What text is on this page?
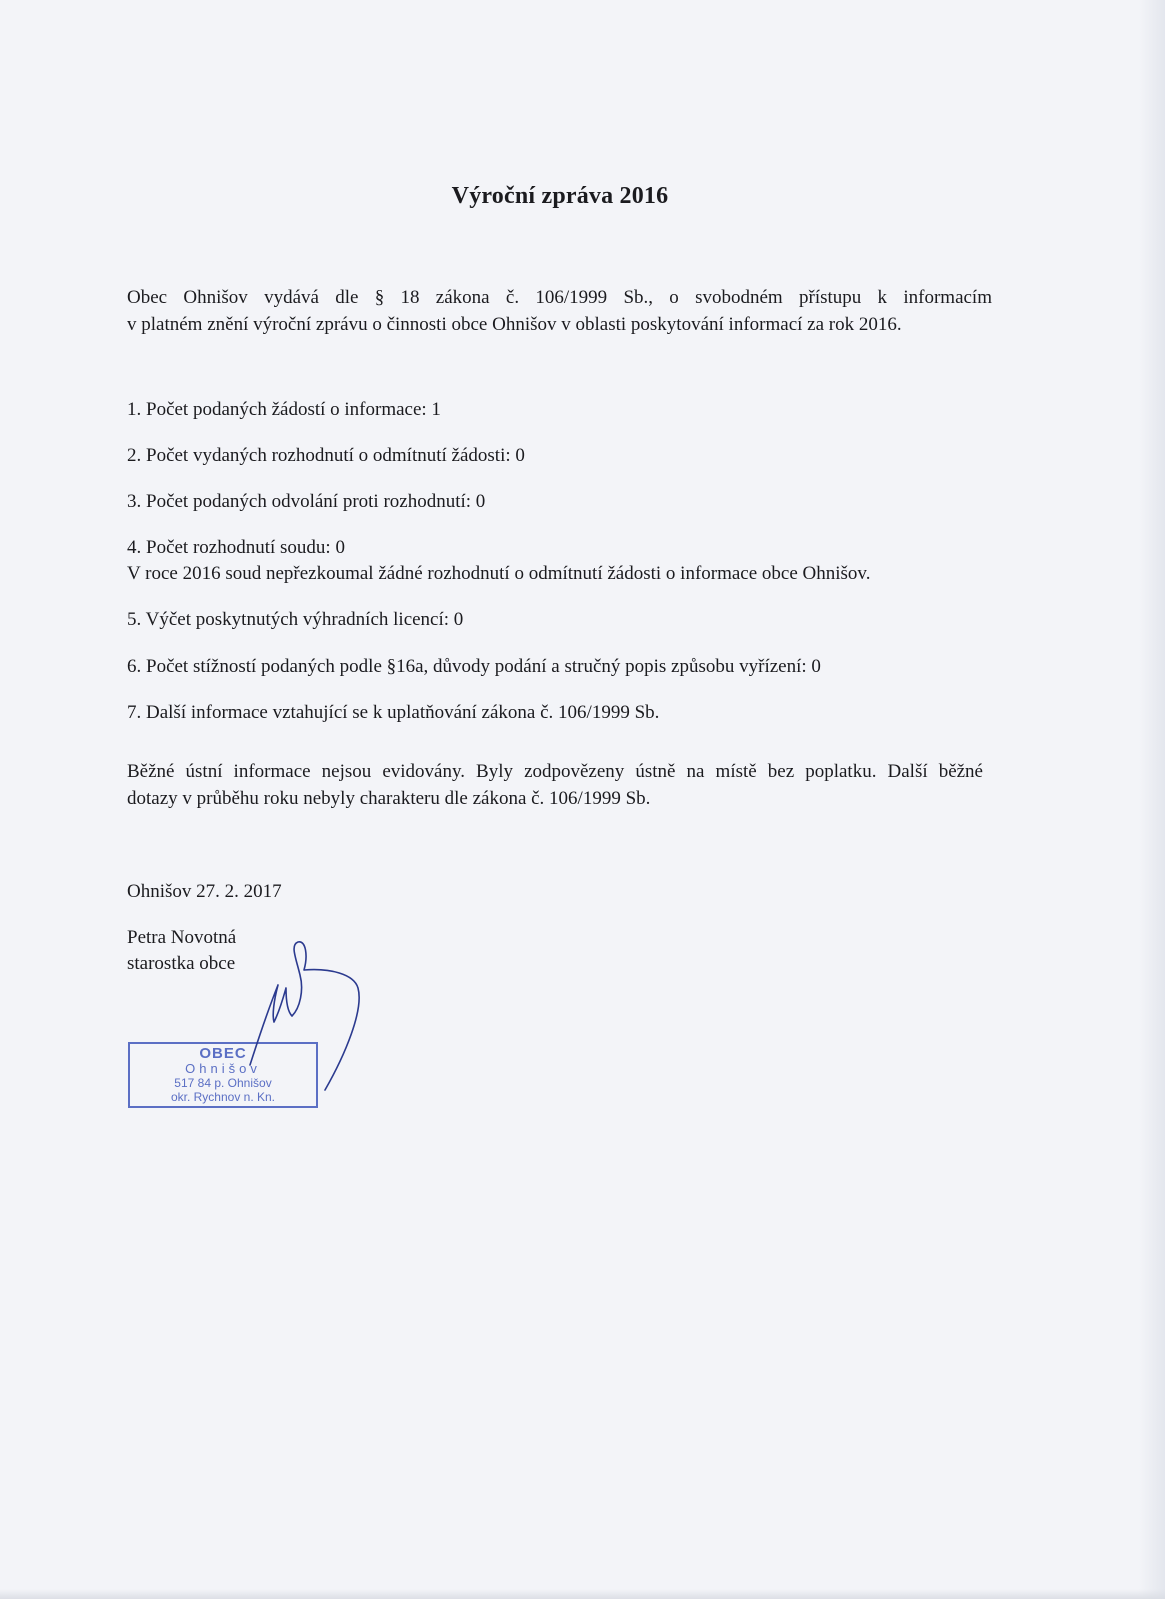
Výroční zpráva 2016
Obec Ohnišov vydává dle § 18 zákona č. 106/1999 Sb., o svobodném přístupu k informacím
v platném znění výroční zprávu o činnosti obce Ohnišov v oblasti poskytování informací za rok 2016.
1. Počet podaných žádostí o informace: 1
2. Počet vydaných rozhodnutí o odmítnutí žádosti: 0
3. Počet podaných odvolání proti rozhodnutí: 0
4. Počet rozhodnutí soudu: 0
V roce 2016 soud nepřezkoumal žádné rozhodnutí o odmítnutí žádosti o informace obce Ohnišov.
5. Výčet poskytnutých výhradních licencí: 0
6. Počet stížností podaných podle §16a, důvody podání a stručný popis způsobu vyřízení: 0
7. Další informace vztahující se k uplatňování zákona č. 106/1999 Sb.
Běžné ústní informace nejsou evidovány. Byly zodpovězeny ústně na místě bez poplatku. Další běžné
dotazy v průběhu roku nebyly charakteru dle zákona č. 106/1999 Sb.
Ohnišov 27. 2. 2017
Petra Novotná
starostka obce
OBEC
Ohnišov
517 84 p. Ohnišov
okr. Rychnov n. Kn.
